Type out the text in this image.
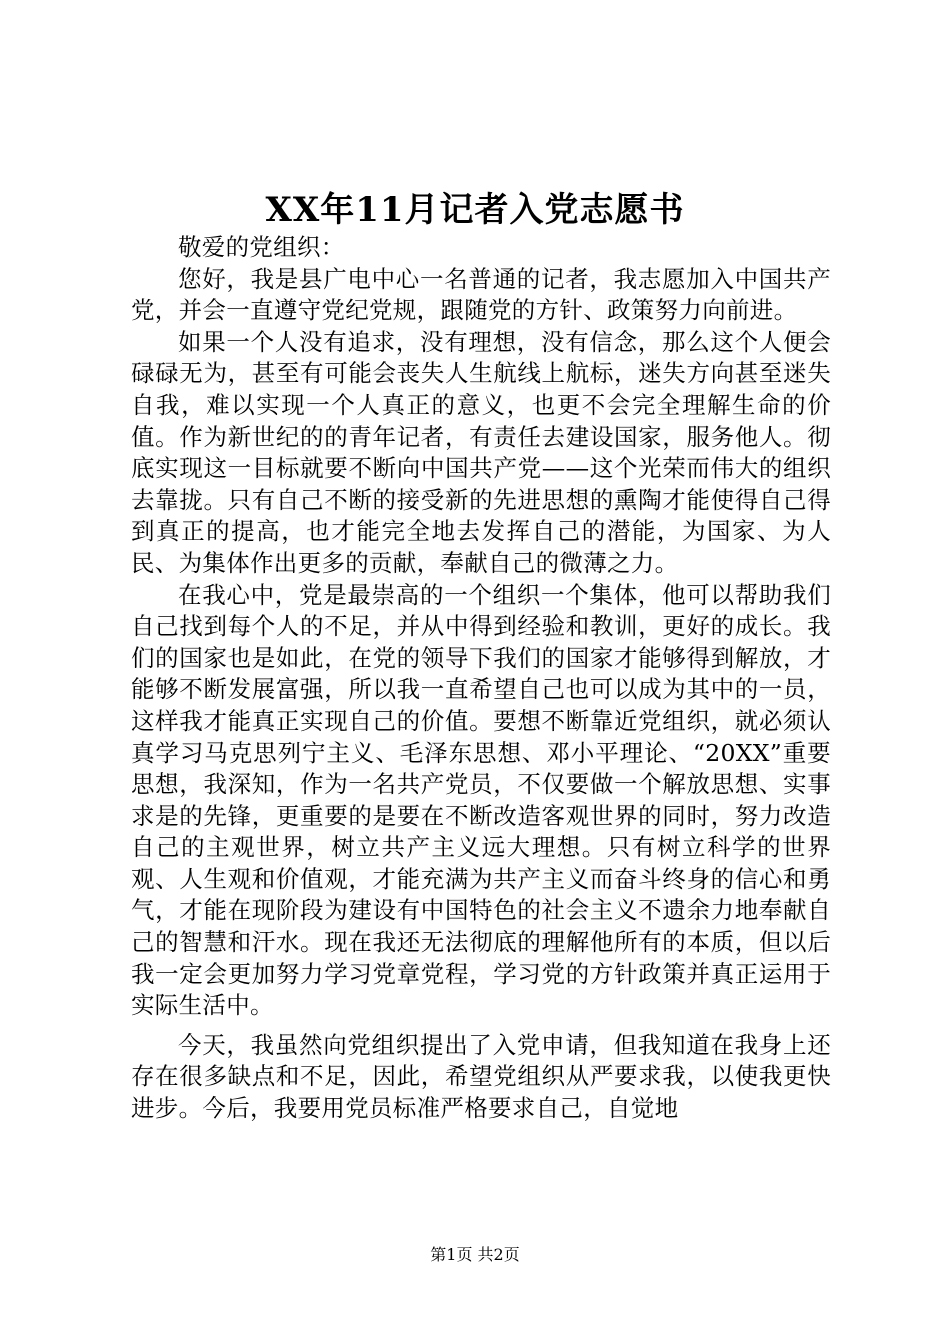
XX年11月记者入党志愿书

敬爱的党组织：

您好，我是县广电中心一名普通的记者，我志愿加入中国共产党，并会一直遵守党纪党规，跟随党的方针、政策努力向前进。

如果一个人没有追求，没有理想，没有信念，那么这个人便会碌碌无为，甚至有可能会丧失人生航线上航标，迷失方向甚至迷失自我，难以实现一个人真正的意义，也更不会完全理解生命的价值。作为新世纪的的青年记者，有责任去建设国家，服务他人。彻底实现这一目标就要不断向中国共产党——这个光荣而伟大的组织去靠拢。只有自己不断的接受新的先进思想的熏陶才能使得自己得到真正的提高，也才能完全地去发挥自己的潜能，为国家、为人民、为集体作出更多的贡献，奉献自己的微薄之力。

在我心中，党是最崇高的一个组织一个集体，他可以帮助我们自己找到每个人的不足，并从中得到经验和教训，更好的成长。我们的国家也是如此，在党的领导下我们的国家才能够得到解放，才能够不断发展富强，所以我一直希望自己也可以成为其中的一员，这样我才能真正实现自己的价值。要想不断靠近党组织，就必须认真学习马克思列宁主义、毛泽东思想、邓小平理论、“20XX”重要思想，我深知，作为一名共产党员，不仅要做一个解放思想、实事求是的先锋，更重要的是要在不断改造客观世界的同时，努力改造自己的主观世界，树立共产主义远大理想。只有树立科学的世界观、人生观和价值观，才能充满为共产主义而奋斗终身的信心和勇气，才能在现阶段为建设有中国特色的社会主义不遗余力地奉献自己的智慧和汗水。现在我还无法彻底的理解他所有的本质，但以后我一定会更加努力学习党章党程，学习党的方针政策并真正运用于实际生活中。

今天，我虽然向党组织提出了入党申请，但我知道在我身上还存在很多缺点和不足，因此，希望党组织从严要求我，以使我更快进步。今后，我要用党员标准严格要求自己，自觉地

第1页 共2页
